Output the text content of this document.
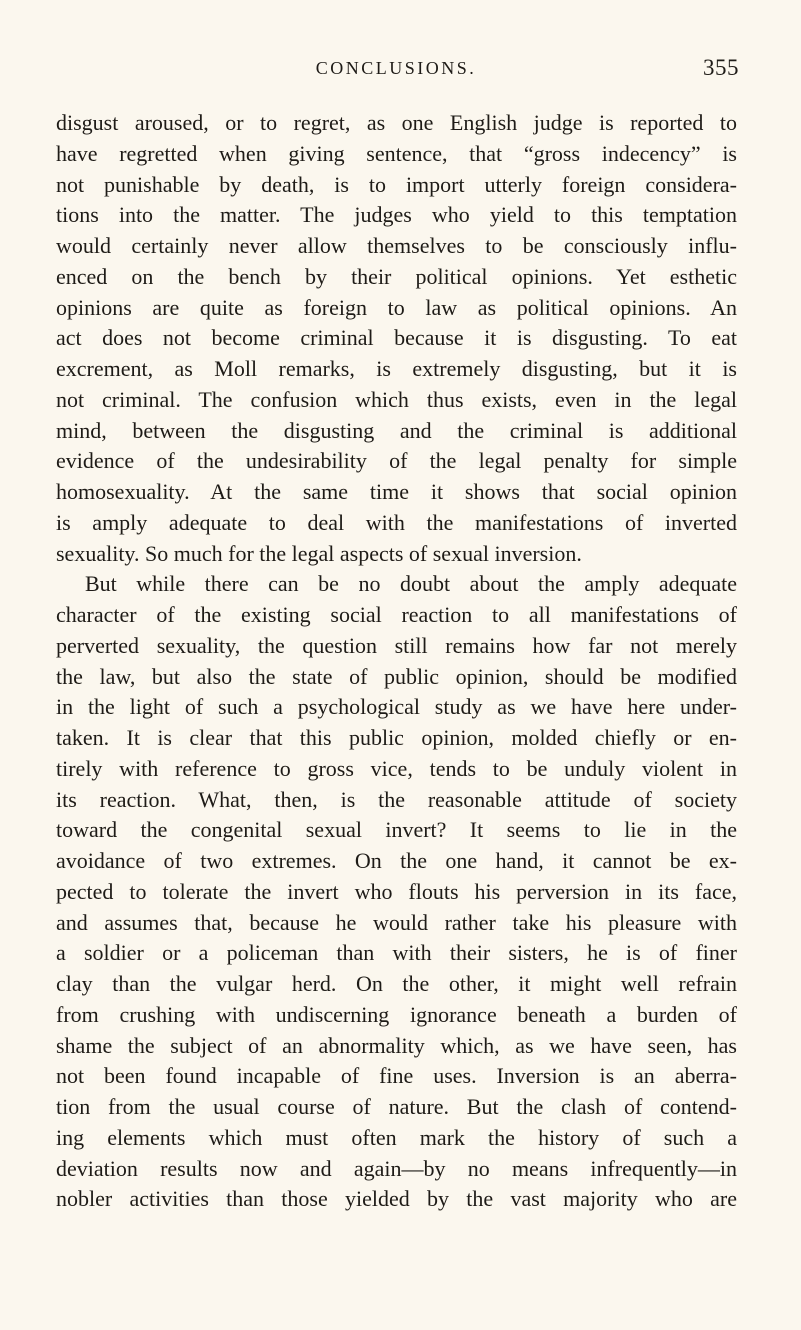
CONCLUSIONS.	355
disgust aroused, or to regret, as one English judge is reported to
have regretted when giving sentence, that “gross indecency” is
not punishable by death, is to import utterly foreign considera-
tions into the matter. The judges who yield to this temptation
would certainly never allow themselves to be consciously influ-
enced on the bench by their political opinions. Yet esthetic
opinions are quite as foreign to law as political opinions. An
act does not become criminal because it is disgusting. To eat
excrement, as Moll remarks, is extremely disgusting, but it is
not criminal. The confusion which thus exists, even in the legal
mind, between the disgusting and the criminal is additional
evidence of the undesirability of the legal penalty for simple
homosexuality. At the same time it shows that social opinion
is amply adequate to deal with the manifestations of inverted
sexuality. So much for the legal aspects of sexual inversion.
But while there can be no doubt about the amply adequate
character of the existing social reaction to all manifestations of
perverted sexuality, the question still remains how far not merely
the law, but also the state of public opinion, should be modified
in the light of such a psychological study as we have here under-
taken. It is clear that this public opinion, molded chiefly or en-
tirely with reference to gross vice, tends to be unduly violent in
its reaction. What, then, is the reasonable attitude of society
toward the congenital sexual invert? It seems to lie in the
avoidance of two extremes. On the one hand, it cannot be ex-
pected to tolerate the invert who flouts his perversion in its face,
and assumes that, because he would rather take his pleasure with
a soldier or a policeman than with their sisters, he is of finer
clay than the vulgar herd. On the other, it might well refrain
from crushing with undiscerning ignorance beneath a burden of
shame the subject of an abnormality which, as we have seen, has
not been found incapable of fine uses. Inversion is an aberra-
tion from the usual course of nature. But the clash of contend-
ing elements which must often mark the history of such a
deviation results now and again—by no means infrequently—in
nobler activities than those yielded by the vast majority who are
